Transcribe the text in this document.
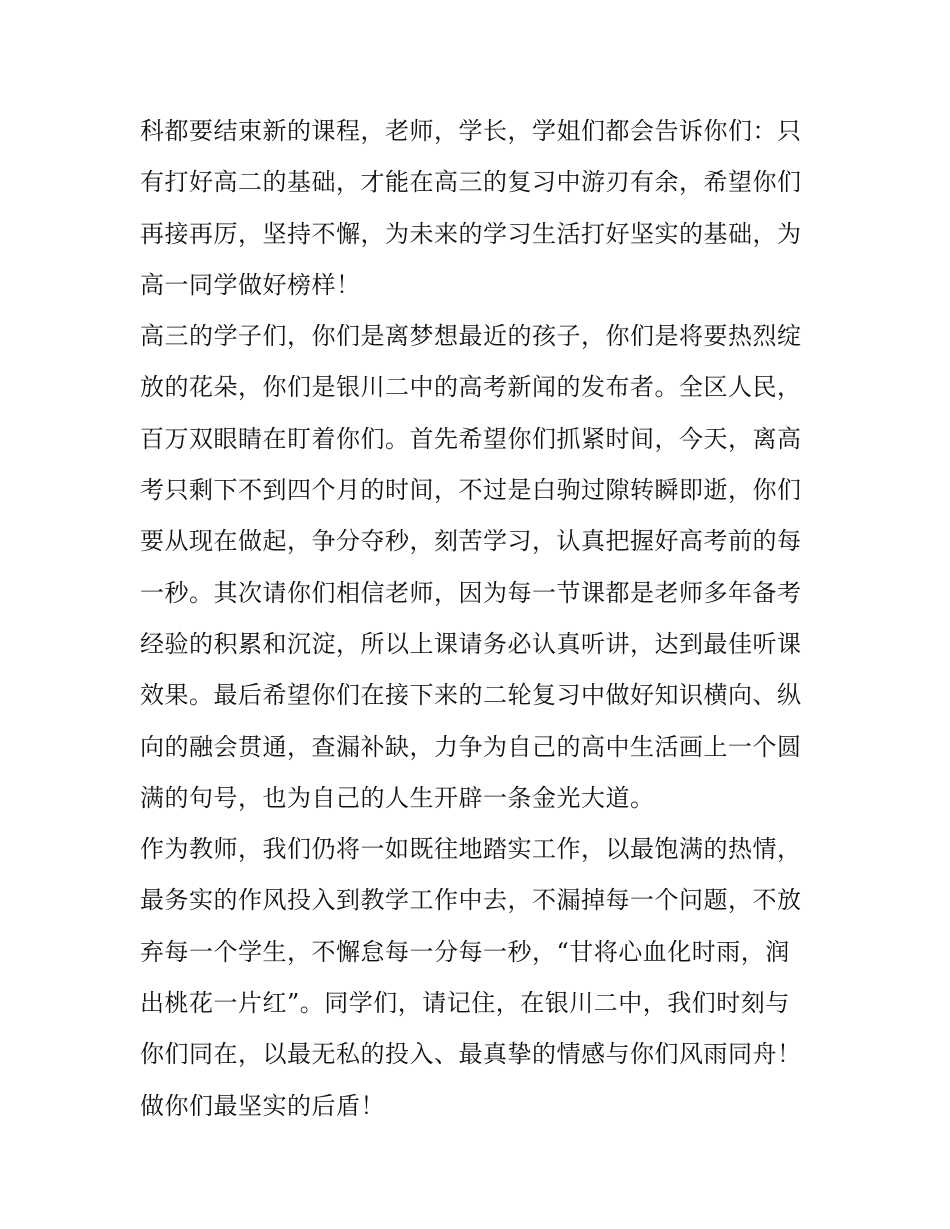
科都要结束新的课程，老师，学长，学姐们都会告诉你们：只
有打好高二的基础，才能在高三的复习中游刃有余，希望你们
再接再厉，坚持不懈，为未来的学习生活打好坚实的基础，为
高一同学做好榜样！
高三的学子们，你们是离梦想最近的孩子，你们是将要热烈绽
放的花朵，你们是银川二中的高考新闻的发布者。全区人民，
百万双眼睛在盯着你们。首先希望你们抓紧时间，今天，离高
考只剩下不到四个月的时间，不过是白驹过隙转瞬即逝，你们
要从现在做起，争分夺秒，刻苦学习，认真把握好高考前的每
一秒。其次请你们相信老师，因为每一节课都是老师多年备考
经验的积累和沉淀，所以上课请务必认真听讲，达到最佳听课
效果。最后希望你们在接下来的二轮复习中做好知识横向、纵
向的融会贯通，查漏补缺，力争为自己的高中生活画上一个圆
满的句号，也为自己的人生开辟一条金光大道。
作为教师，我们仍将一如既往地踏实工作，以最饱满的热情，
最务实的作风投入到教学工作中去，不漏掉每一个问题，不放
弃每一个学生，不懈怠每一分每一秒，“甘将心血化时雨，润
出桃花一片红”。同学们，请记住，在银川二中，我们时刻与
你们同在，以最无私的投入、最真挚的情感与你们风雨同舟！
做你们最坚实的后盾！
